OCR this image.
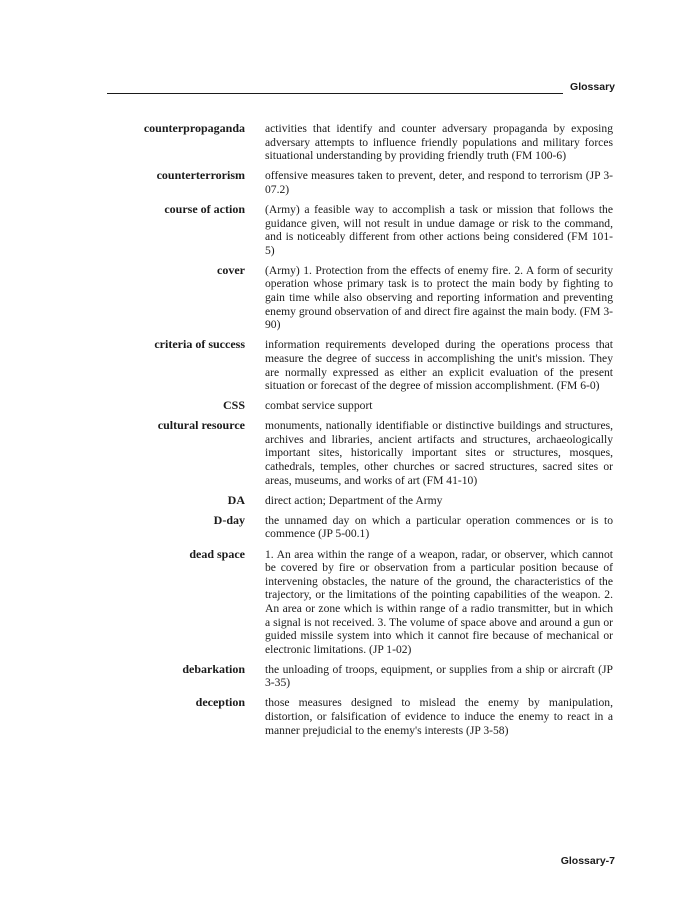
Glossary
counterpropaganda activities that identify and counter adversary propaganda by exposing adversary attempts to influence friendly populations and military forces situational understanding by providing friendly truth (FM 100-6)
counterterrorism offensive measures taken to prevent, deter, and respond to terrorism (JP 3-07.2)
course of action (Army) a feasible way to accomplish a task or mission that follows the guidance given, will not result in undue damage or risk to the command, and is noticeably different from other actions being considered (FM 101-5)
cover (Army) 1. Protection from the effects of enemy fire. 2. A form of security operation whose primary task is to protect the main body by fighting to gain time while also observing and reporting information and preventing enemy ground observation of and direct fire against the main body. (FM 3-90)
criteria of success information requirements developed during the operations process that measure the degree of success in accomplishing the unit's mission. They are normally expressed as either an explicit evaluation of the present situation or forecast of the degree of mission accomplishment. (FM 6-0)
CSS combat service support
cultural resource monuments, nationally identifiable or distinctive buildings and structures, archives and libraries, ancient artifacts and structures, archaeologically important sites, historically important sites or structures, mosques, cathedrals, temples, other churches or sacred structures, sacred sites or areas, museums, and works of art (FM 41-10)
DA direct action; Department of the Army
D-day the unnamed day on which a particular operation commences or is to commence (JP 5-00.1)
dead space 1. An area within the range of a weapon, radar, or observer, which cannot be covered by fire or observation from a particular position because of intervening obstacles, the nature of the ground, the characteristics of the trajectory, or the limitations of the pointing capabilities of the weapon. 2. An area or zone which is within range of a radio transmitter, but in which a signal is not received. 3. The volume of space above and around a gun or guided missile system into which it cannot fire because of mechanical or electronic limitations. (JP 1-02)
debarkation the unloading of troops, equipment, or supplies from a ship or aircraft (JP 3-35)
deception those measures designed to mislead the enemy by manipulation, distortion, or falsification of evidence to induce the enemy to react in a manner prejudicial to the enemy's interests (JP 3-58)
Glossary-7
